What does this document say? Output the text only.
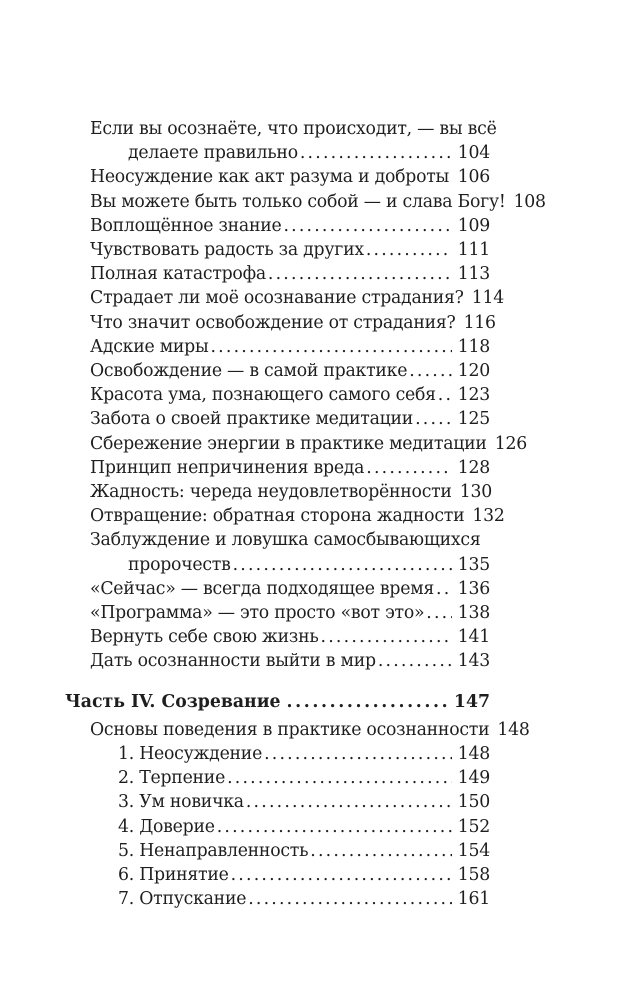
Если вы осознаёте, что происходит, — вы всё
делаете правильно .....	104
Неосуждение как акт разума и доброты ..... 106
Вы можете быть только собой — и слава Богу! 108
Воплощённое знание .....	109
Чувствовать радость за других .....	111
Полная катастрофа .....	113
Страдает ли моё осознавание страдания? 114
Что значит освобождение от страдания? 116
Адские миры .....	118
Освобождение — в самой практике .....	120
Красота ума, познающего самого себя ..... 123
Забота о своей практике медитации .....	125
Сбережение энергии в практике медитации 126
Принцип непричинения вреда .....	128
Жадность: череда неудовлетворённости 130
Отвращение: обратная сторона жадности 132
Заблуждение и ловушка самосбывающихся
пророчеств .....	135
«Сейчас» — всегда подходящее время ..... 136
«Программа» — это просто «вот это» ..... 138
Вернуть себе свою жизнь .....	141
Дать осознанности выйти в мир .....	143
Часть IV. Созревание .....	147
Основы поведения в практике осознанности 148
1. Неосуждение .....	148
2. Терпение .....	149
3. Ум новичка .....	150
4. Доверие .....	152
5. Ненаправленность .....	154
6. Принятие .....	158
7. Отпускание .....	161
